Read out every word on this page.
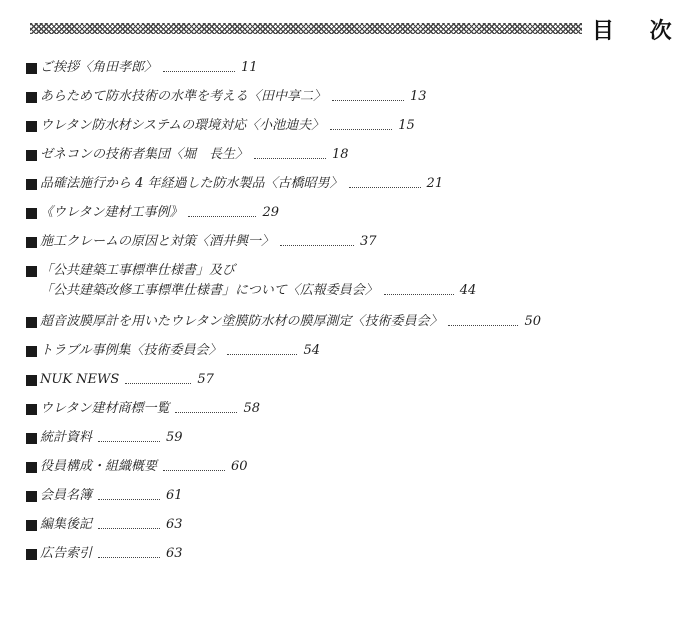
目 次
ご挨拶〈角田孝郎〉	11
あらためて防水技術の水準を考える〈田中享二〉	13
ウレタン防水材システムの環境対応〈小池迪夫〉	15
ゼネコンの技術者集団〈堀　長生〉	18
品確法施行から 4 年経過した防水製品〈古橋昭男〉	21
《ウレタン建材工事例》	29
施工クレームの原因と対策〈酒井興一〉	37
「公共建築工事標準仕様書」及び
「公共建築改修工事標準仕様書」について〈広報委員会〉	44
超音波膜厚計を用いたウレタン塗膜防水材の膜厚測定〈技術委員会〉	50
トラブル事例集〈技術委員会〉	54
NUK NEWS	57
ウレタン建材商標一覧	58
統計資料	59
役員構成・組織概要	60
会員名簿	61
編集後記	63
広告索引	63
